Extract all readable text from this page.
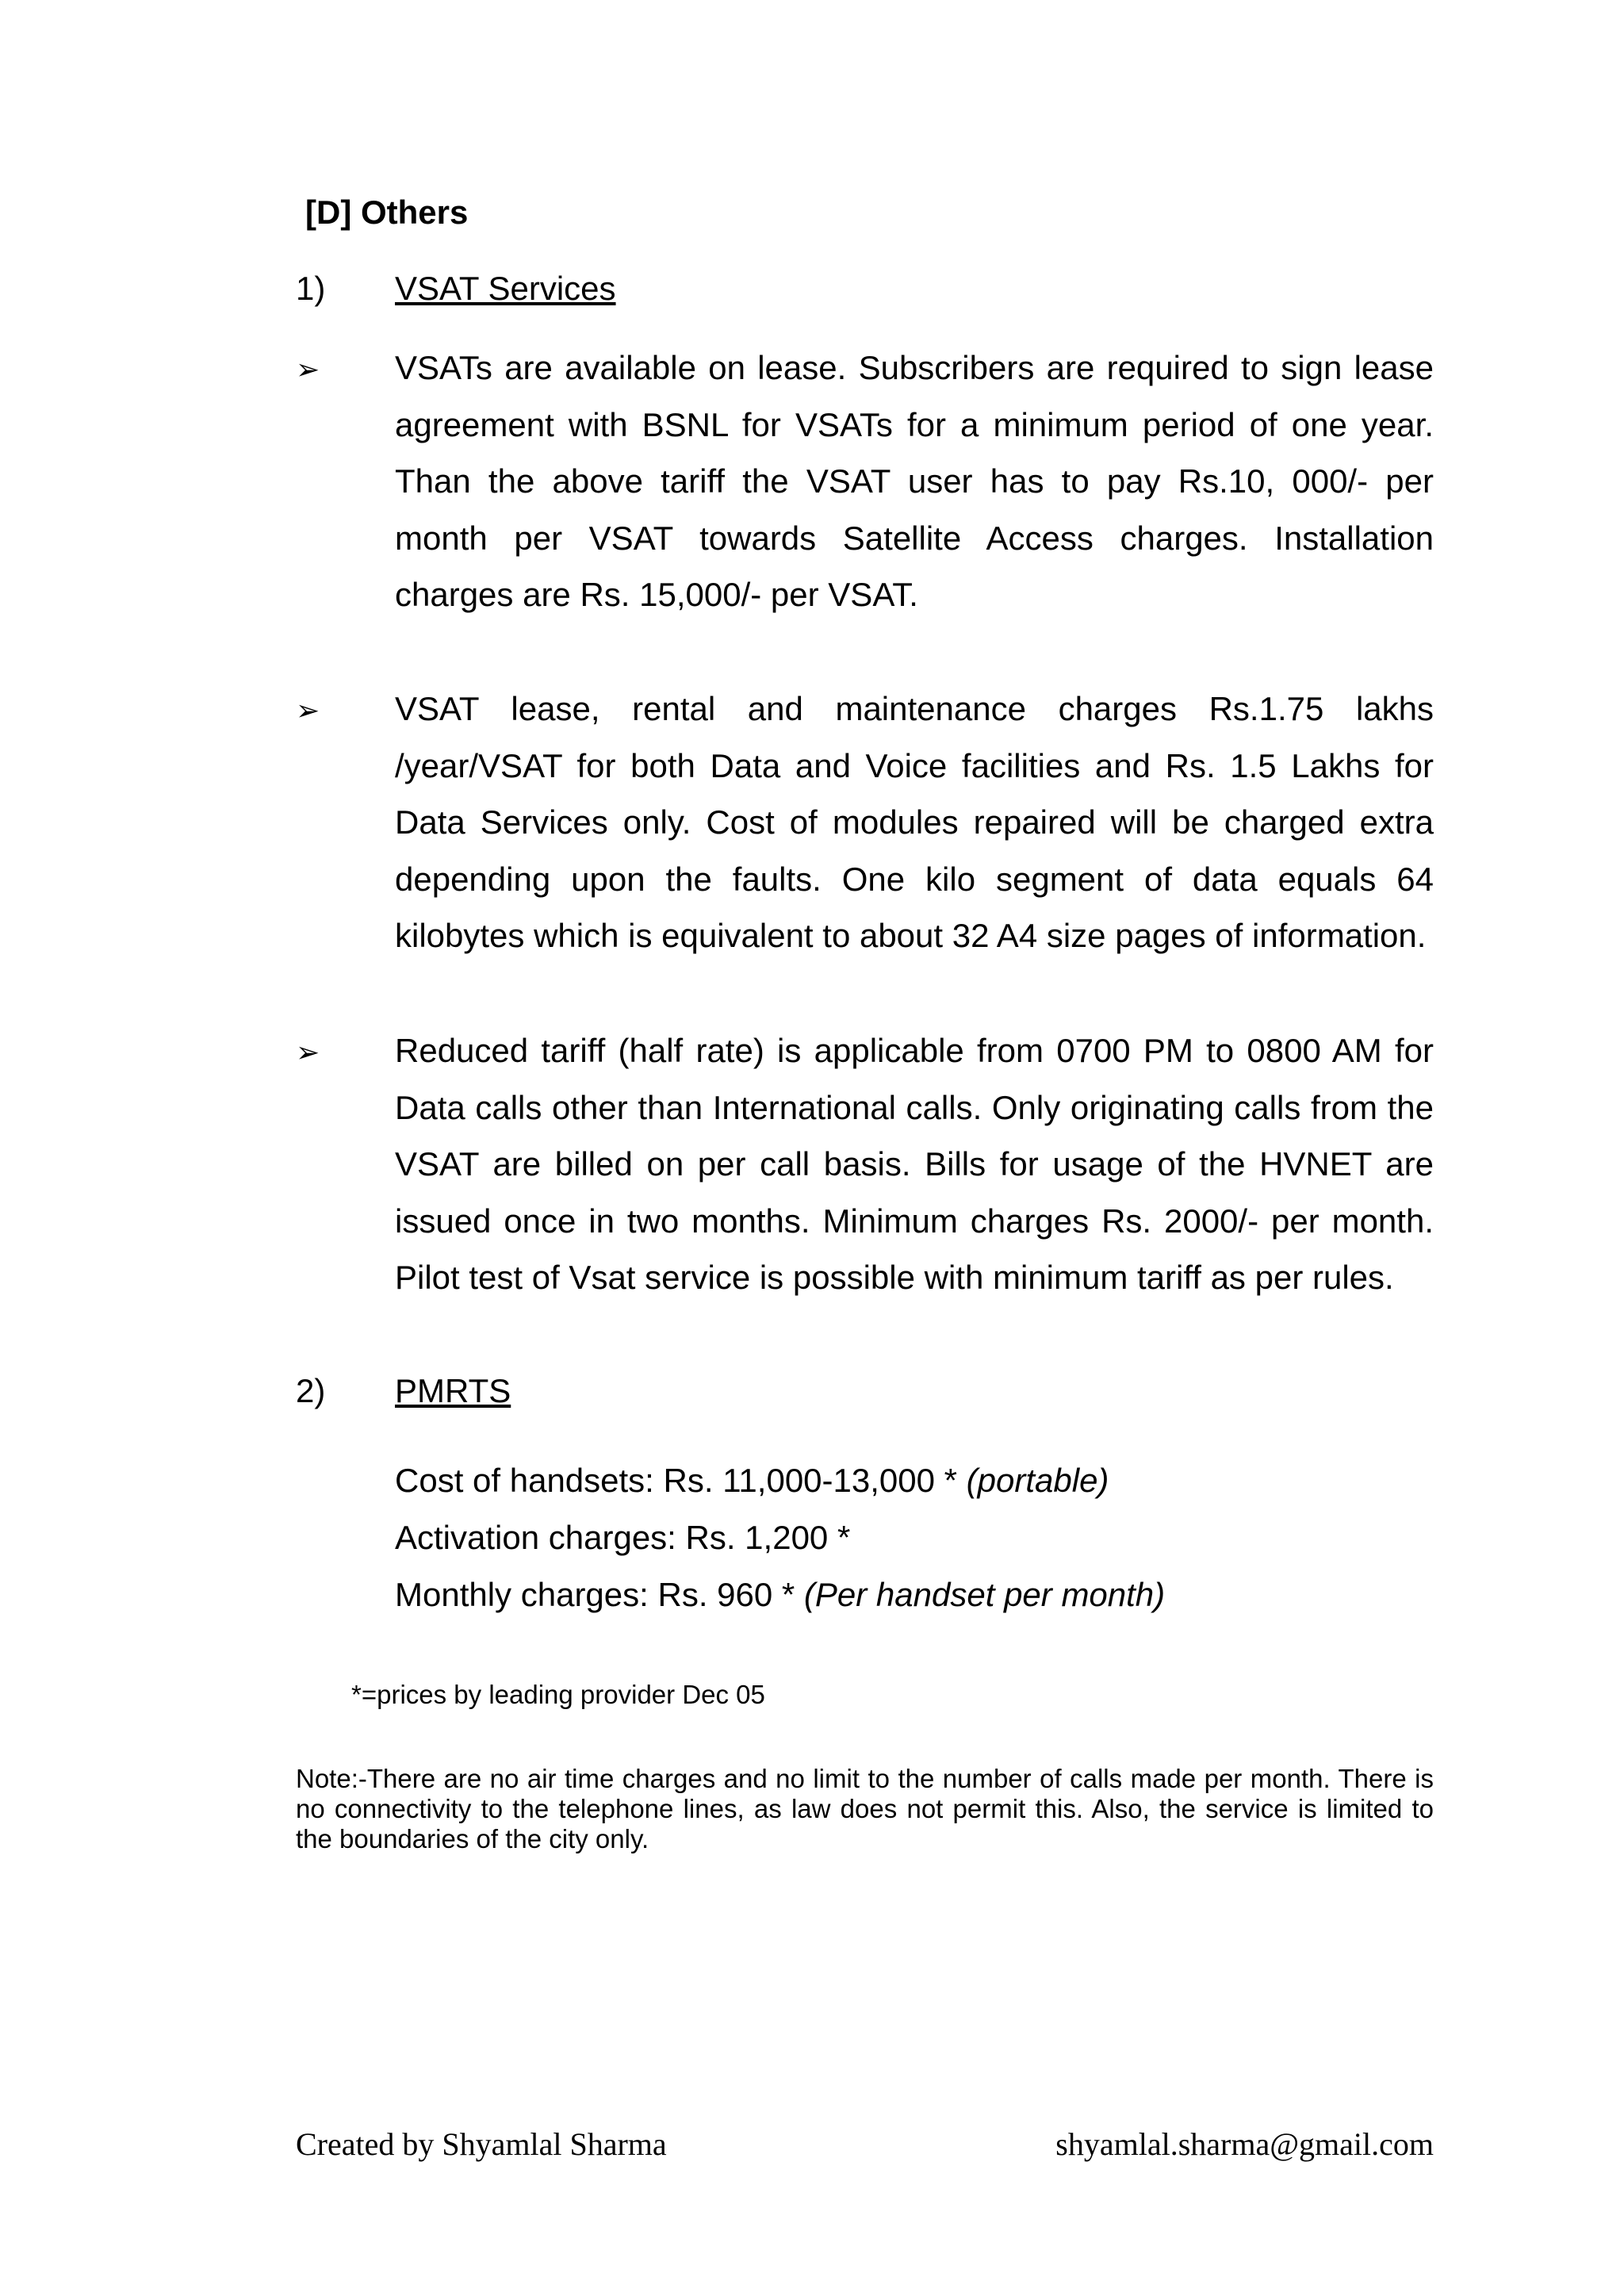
[D] Others
1) VSAT Services
➢ VSATs are available on lease. Subscribers are required to sign lease agreement with BSNL for VSATs for a minimum period of one year. Than the above tariff the VSAT user has to pay Rs.10, 000/- per month per VSAT towards Satellite Access charges. Installation charges are Rs. 15,000/- per VSAT.
➢ VSAT lease, rental and maintenance charges Rs.1.75 lakhs /year/VSAT for both Data and Voice facilities and Rs. 1.5 Lakhs for Data Services only. Cost of modules repaired will be charged extra depending upon the faults. One kilo segment of data equals 64 kilobytes which is equivalent to about 32 A4 size pages of information.
➢ Reduced tariff (half rate) is applicable from 0700 PM to 0800 AM for Data calls other than International calls. Only originating calls from the VSAT are billed on per call basis. Bills for usage of the HVNET are issued once in two months. Minimum charges Rs. 2000/- per month. Pilot test of Vsat service is possible with minimum tariff as per rules.
2) PMRTS
Cost of handsets: Rs. 11,000-13,000 * (portable)
Activation charges: Rs. 1,200 *
Monthly charges: Rs. 960 * (Per handset per month)
*=prices by leading provider Dec 05
Note:-There are no air time charges and no limit to the number of calls made per month. There is no connectivity to the telephone lines, as law does not permit this. Also, the service is limited to the boundaries of the city only.
Created by Shyamlal Sharma	shyamlal.sharma@gmail.com
